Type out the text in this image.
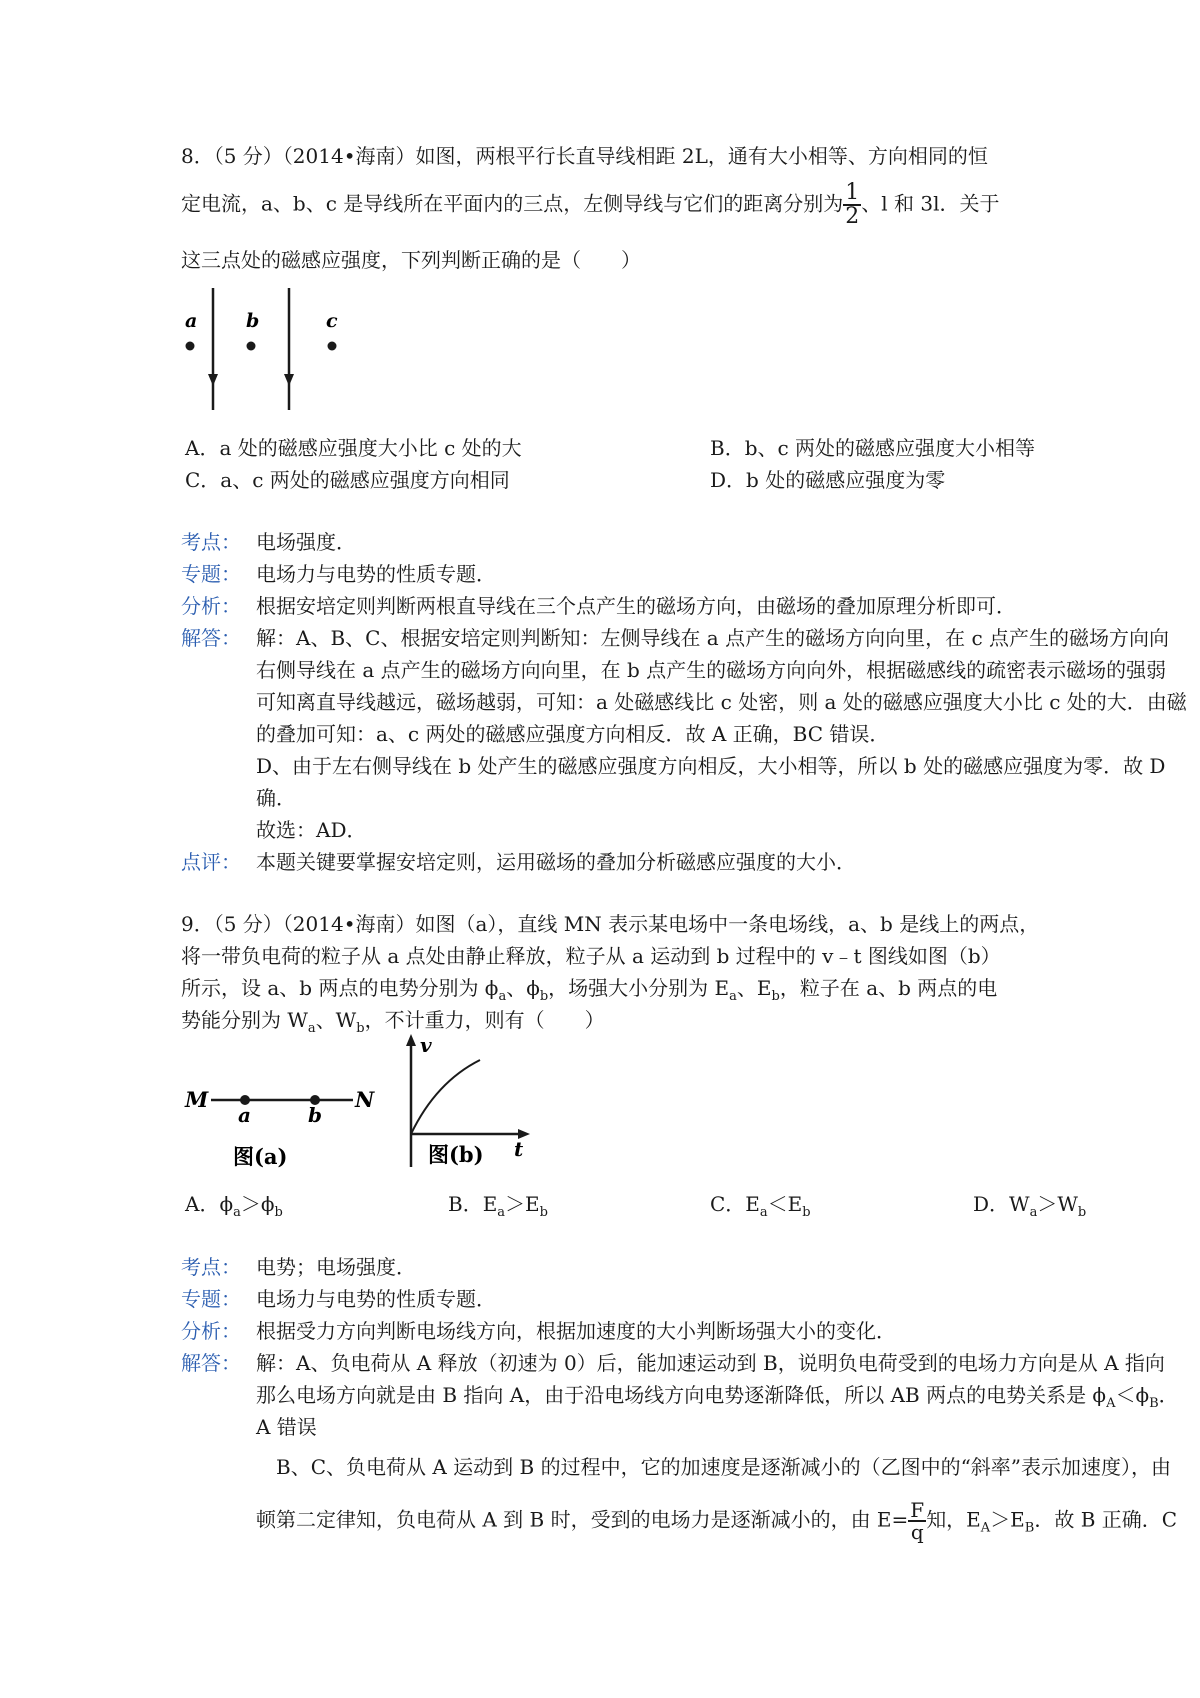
8．（5 分）（2014•海南）如图，两根平行长直导线相距 2L，通有大小相等、方向相同的恒
定电流，a、b、c 是导线所在平面内的三点，左侧导线与它们的距离分别为 $\frac{1}{2}$ 、l 和 3l．关于
这三点处的磁感应强度，下列判断正确的是（　　）
a	b	c
A．a 处的磁感应强度大小比 c 处的大	B．b、c 两处的磁感应强度大小相等
C．a、c 两处的磁感应强度方向相同	D．b 处的磁感应强度为零
考点： 电场强度．
专题： 电场力与电势的性质专题．
分析： 根据安培定则判断两根直导线在三个点产生的磁场方向，由磁场的叠加原理分析即可．
解答： 解：A、B、C、根据安培定则判断知：左侧导线在 a 点产生的磁场方向向里，在 c 点产生的磁场方向向
右侧导线在 a 点产生的磁场方向向里，在 b 点产生的磁场方向向外，根据磁感线的疏密表示磁场的强弱
可知离直导线越远，磁场越弱，可知：a 处磁感线比 c 处密，则 a 处的磁感应强度大小比 c 处的大．由磁
的叠加可知：a、c 两处的磁感应强度方向相反．故 A 正确，BC 错误．
D、由于左右侧导线在 b 处产生的磁感应强度方向相反，大小相等，所以 b 处的磁感应强度为零．故 D
确．
故选：AD．
点评： 本题关键要掌握安培定则，运用磁场的叠加分析磁感应强度的大小．
9．（5 分）（2014•海南）如图（a），直线 MN 表示某电场中一条电场线，a、b 是线上的两点，
将一带负电荷的粒子从 a 点处由静止释放，粒子从 a 运动到 b 过程中的 v﹣t 图线如图（b）
所示，设 a、b 两点的电势分别为 $\phi_a$、$\phi_b$，场强大小分别为 $E_a$、$E_b$，粒子在 a、b 两点的电
势能分别为 $W_a$、$W_b$，不计重力，则有（　　）
M	N
a	b
图(a)
v
t
图(b)
A．$\phi_a>\phi_b$	B．$E_a>E_b$	C．$E_a<E_b$	D．$W_a>W_b$
考点： 电势；电场强度．
专题： 电场力与电势的性质专题．
分析： 根据受力方向判断电场线方向，根据加速度的大小判断场强大小的变化．
解答： 解：A、负电荷从 A 释放（初速为 0）后，能加速运动到 B，说明负电荷受到的电场力方向是从 A 指向
那么电场方向就是由 B 指向 A，由于沿电场线方向电势逐渐降低，所以 AB 两点的电势关系是 $\phi_A<\phi_B$．
A 错误
B、C、负电荷从 A 运动到 B 的过程中，它的加速度是逐渐减小的（乙图中的“斜率”表示加速度），由
顿第二定律知，负电荷从 A 到 B 时，受到的电场力是逐渐减小的，由 $E= \frac{F}{q}$ 知，$E_A>E_B$．故 B 正确．C
